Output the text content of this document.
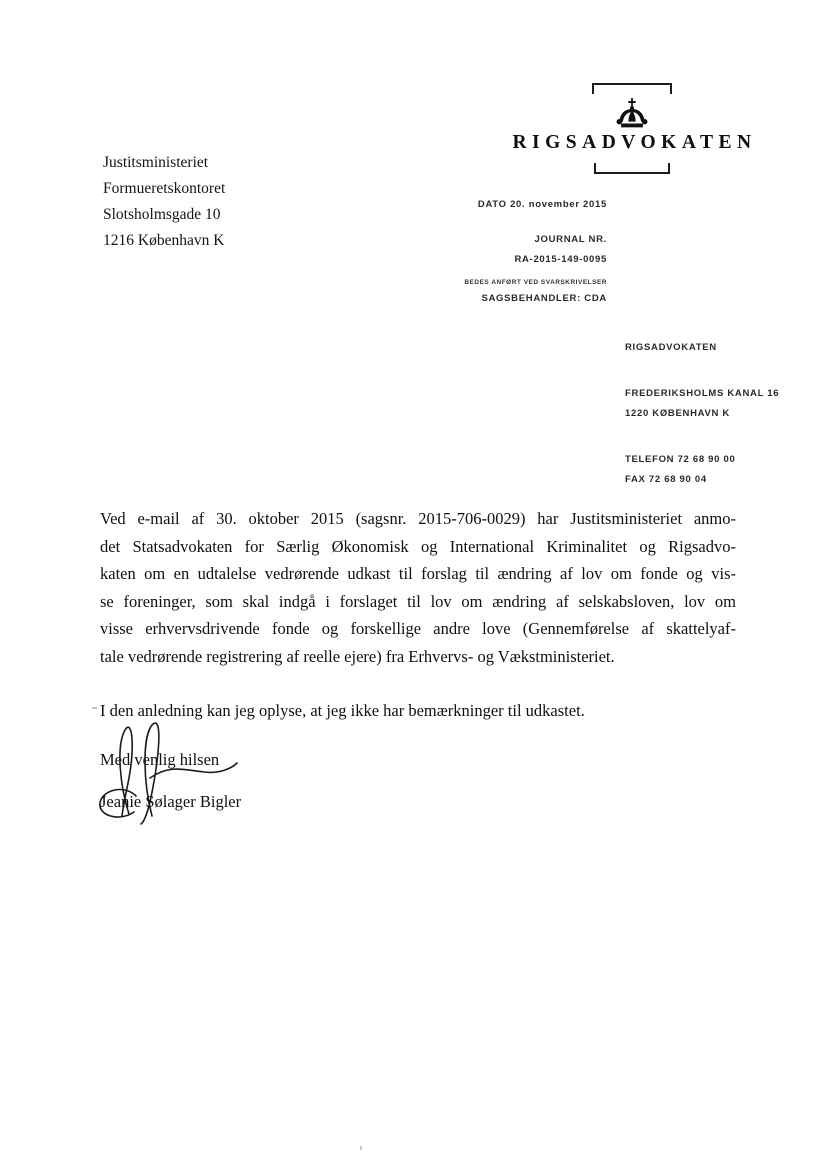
Justitsministeriet
Formueretskontoret
Slotsholmsgade 10
1216 København K
RIGSADVOKATEN
DATO 20. november 2015
JOURNAL NR.
RA-2015-149-0095
BEDES ANFØRT VED SVARSKRIVELSER
SAGSBEHANDLER: CDA
RIGSADVOKATEN
FREDERIKSHOLMS KANAL 16
1220 KØBENHAVN K
TELEFON 72 68 90 00
FAX 72 68 90 04
Ved e-mail af 30. oktober 2015 (sagsnr. 2015-706-0029) har Justitsministeriet anmo-
det Statsadvokaten for Særlig Økonomisk og International Kriminalitet og Rigsadvo-
katen om en udtalelse vedrørende udkast til forslag til ændring af lov om fonde og vis-
se foreninger, som skal indgå i forslaget til lov om ændring af selskabsloven, lov om
visse erhvervsdrivende fonde og forskellige andre love (Gennemførelse af skattelyaf-
tale vedrørende registrering af reelle ejere) fra Erhvervs- og Vækstministeriet.
I den anledning kan jeg oplyse, at jeg ikke har bemærkninger til udkastet.
Med venlig hilsen
Jeanie Sølager Bigler
